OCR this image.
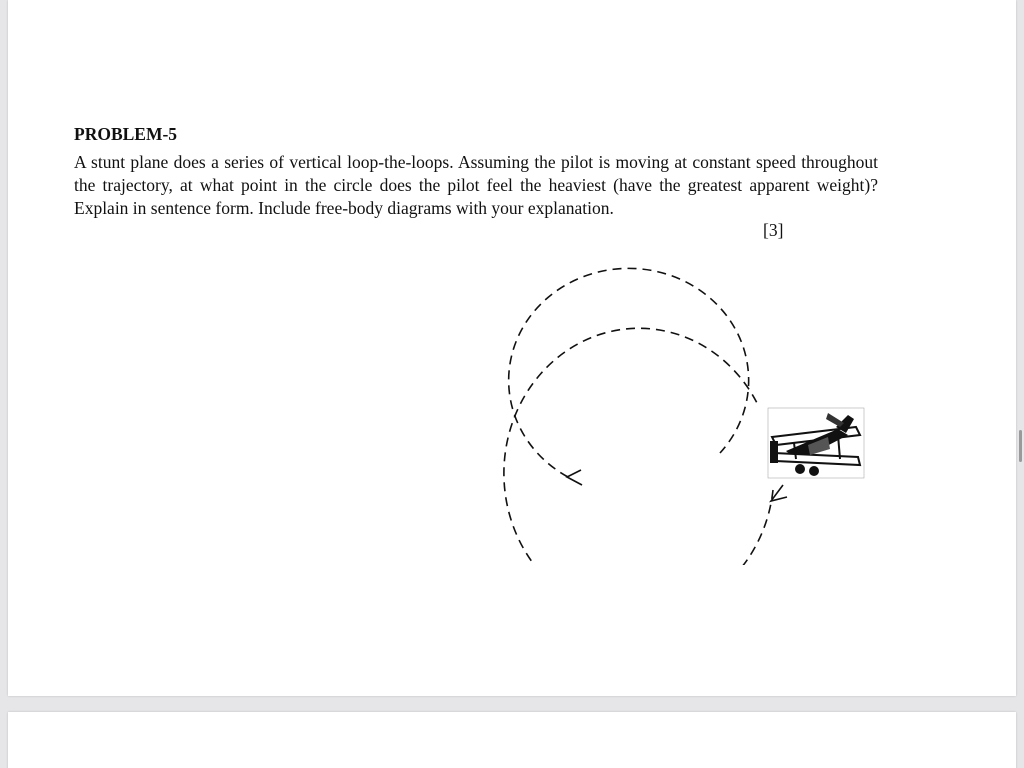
PROBLEM-5

A stunt plane does a series of vertical loop-the-loops. Assuming the pilot is moving at constant speed throughout the trajectory, at what point in the circle does the pilot feel the heaviest (have the greatest apparent weight)? Explain in sentence form. Include free-body diagrams with your explanation.

[3]
